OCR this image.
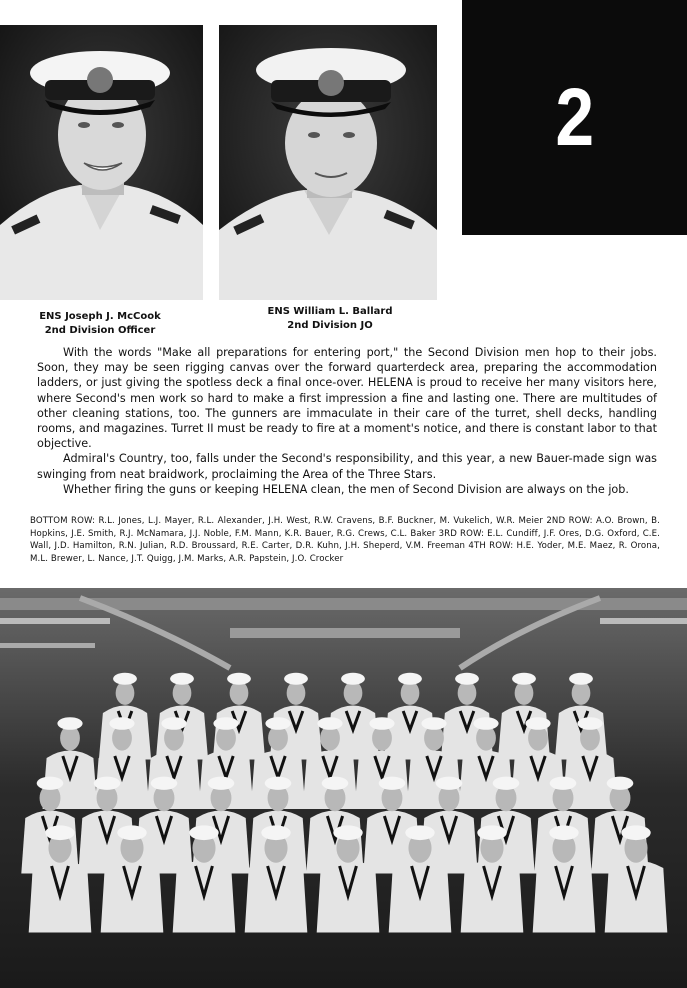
2
ENS Joseph J. McCook
2nd Division Officer
ENS William L. Ballard
2nd Division JO

With the words "Make all preparations for entering port," the Second Division men hop to their jobs. Soon, they may be seen rigging canvas over the forward quarterdeck area, preparing the accommodation ladders, or just giving the spotless deck a final once-over. HELENA is proud to receive her many visitors here, where Second's men work so hard to make a first impression a fine and lasting one. There are multitudes of other cleaning stations, too. The gunners are immaculate in their care of the turret, shell decks, handling rooms, and magazines. Turret II must be ready to fire at a moment's notice, and there is constant labor to that objective.

Admiral's Country, too, falls under the Second's responsibility, and this year, a new Bauer-made sign was swinging from neat braidwork, proclaiming the Area of the Three Stars.

Whether firing the guns or keeping HELENA clean, the men of Second Division are always on the job.

BOTTOM ROW: R.L. Jones, L.J. Mayer, R.L. Alexander, J.H. West, R.W. Cravens, B.F. Buckner, M. Vukelich, W.R. Meier 2ND ROW: A.O. Brown, B. Hopkins, J.E. Smith, R.J. McNamara, J.J. Noble, F.M. Mann, K.R. Bauer, R.G. Crews, C.L. Baker 3RD ROW: E.L. Cundiff, J.F. Ores, D.G. Oxford, C.E. Wall, J.D. Hamilton, R.N. Julian, R.D. Broussard, R.E. Carter, D.R. Kuhn, J.H. Sheperd, V.M. Freeman 4TH ROW: H.E. Yoder, M.E. Maez, R. Orona, M.L. Brewer, L. Nance, J.T. Quigg, J.M. Marks, A.R. Papstein, J.O. Crocker
